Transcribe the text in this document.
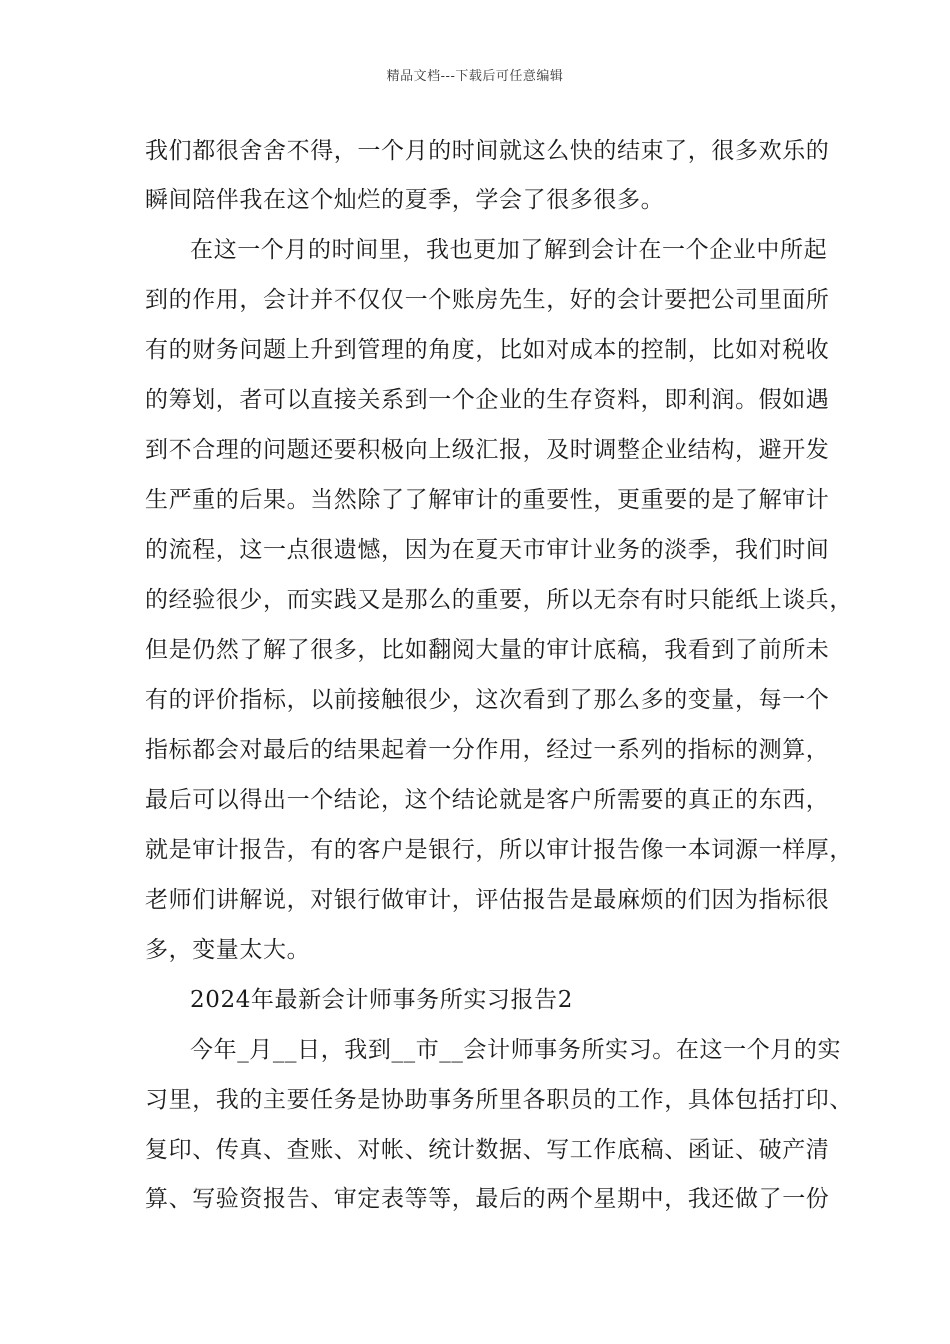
精品文档---下载后可任意编辑
我们都很舍舍不得，一个月的时间就这么快的结束了，很多欢乐的
瞬间陪伴我在这个灿烂的夏季，学会了很多很多。
在这一个月的时间里，我也更加了解到会计在一个企业中所起
到的作用，会计并不仅仅一个账房先生，好的会计要把公司里面所
有的财务问题上升到管理的角度，比如对成本的控制，比如对税收
的筹划，者可以直接关系到一个企业的生存资料，即利润。假如遇
到不合理的问题还要积极向上级汇报，及时调整企业结构，避开发
生严重的后果。当然除了了解审计的重要性，更重要的是了解审计
的流程，这一点很遗憾，因为在夏天市审计业务的淡季，我们时间
的经验很少，而实践又是那么的重要，所以无奈有时只能纸上谈兵，
但是仍然了解了很多，比如翻阅大量的审计底稿，我看到了前所未
有的评价指标，以前接触很少，这次看到了那么多的变量，每一个
指标都会对最后的结果起着一分作用，经过一系列的指标的测算，
最后可以得出一个结论，这个结论就是客户所需要的真正的东西，
就是审计报告，有的客户是银行，所以审计报告像一本词源一样厚，
老师们讲解说，对银行做审计，评估报告是最麻烦的们因为指标很
多，变量太大。
2024年最新会计师事务所实习报告2
今年_月__日，我到__市__会计师事务所实习。在这一个月的实
习里，我的主要任务是协助事务所里各职员的工作，具体包括打印、
复印、传真、查账、对帐、统计数据、写工作底稿、函证、破产清
算、写验资报告、审定表等等，最后的两个星期中，我还做了一份
